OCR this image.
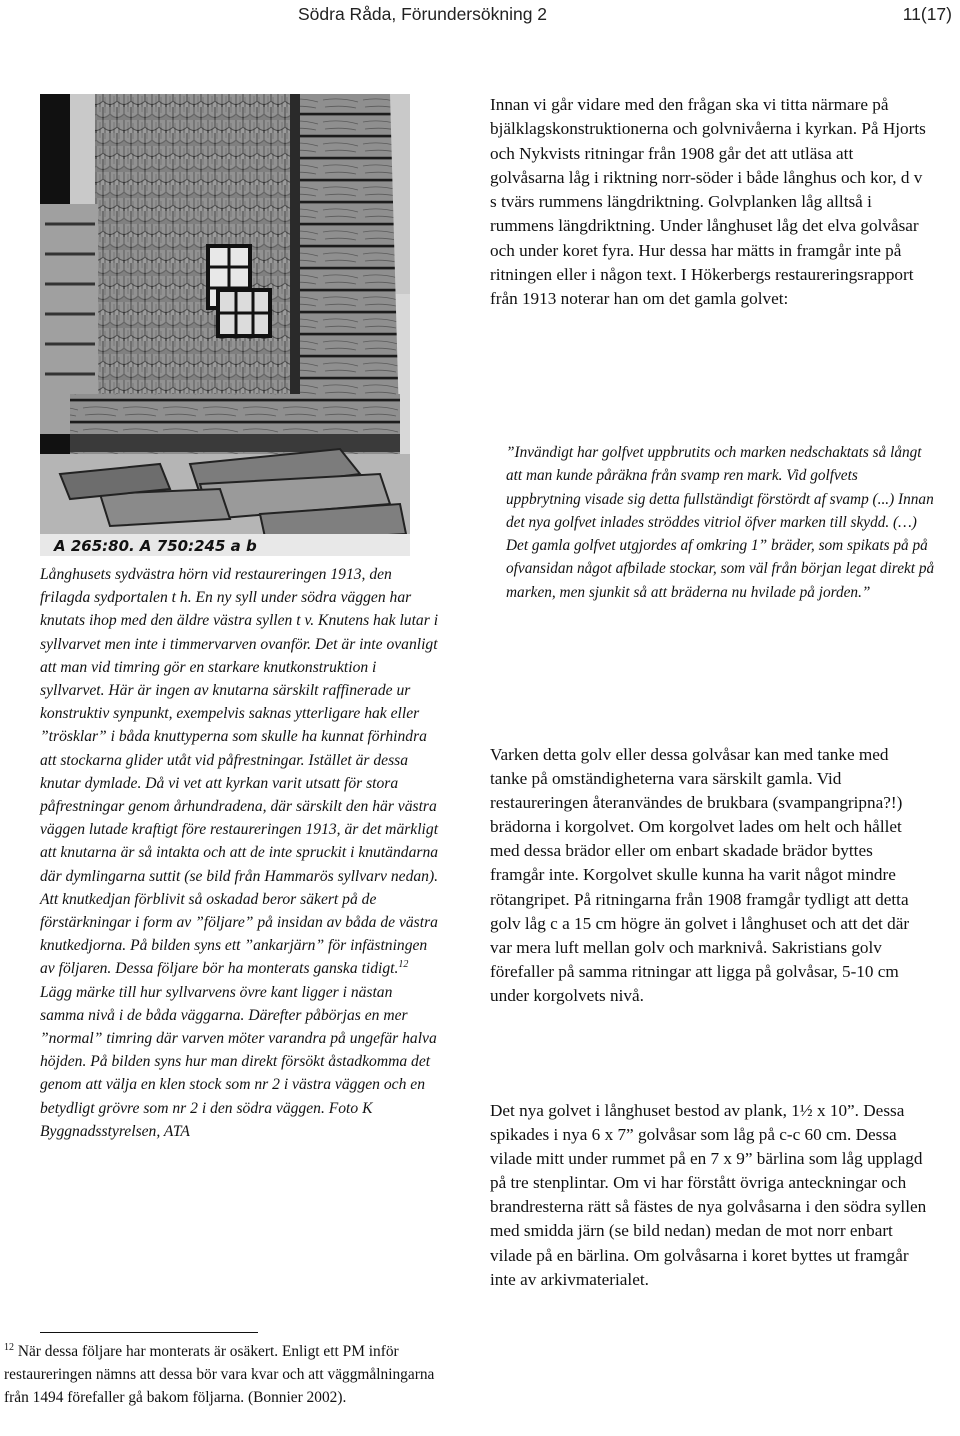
Södra Råda, Förundersökning 2	11(17)
A 265:80. A 750:245 a b

Långhusets sydvästra hörn vid restaureringen 1913, den frilagda sydportalen t h. En ny syll under södra väggen har knutats ihop med den äldre västra syllen t v. Knutens hak lutar i syllvarvet men inte i timmervarven ovanför. Det är inte ovanligt att man vid timring gör en starkare knutkonstruktion i syllvarvet. Här är ingen av knutarna särskilt raffinerade ur konstruktiv synpunkt, exempelvis saknas ytterligare hak eller ”trösklar” i båda knuttyperna som skulle ha kunnat förhindra att stockarna glider utåt vid påfrestningar. Istället är dessa knutar dymlade. Då vi vet att kyrkan varit utsatt för stora påfrestningar genom århundradena, där särskilt den här västra väggen lutade kraftigt före restaureringen 1913, är det märkligt att knutarna är så intakta och att de inte spruckit i knutändarna där dymlingarna suttit (se bild från Hammarös syllvarv nedan). Att knutkedjan förblivit så oskadad beror säkert på de förstärkningar i form av ”följare” på insidan av båda de västra knutkedjorna. På bilden syns ett ”ankarjärn” för infästningen av följaren. Dessa följare bör ha monterats ganska tidigt.$^{12}$ Lägg märke till hur syllvarvens övre kant ligger i nästan samma nivå i de båda väggarna. Därefter påbörjas en mer ”normal” timring där varven möter varandra på ungefär halva höjden. På bilden syns hur man direkt försökt åstadkomma det genom att välja en klen stock som nr 2 i västra väggen och en betydligt grövre som nr 2 i den södra väggen. Foto K Byggnadsstyrelsen, ATA

$^{12}$ När dessa följare har monterats är osäkert. Enligt ett PM inför restaureringen nämns att dessa bör vara kvar och att väggmålningarna från 1494 förefaller gå bakom följarna. (Bonnier 2002).

Innan vi går vidare med den frågan ska vi titta närmare på bjälklagskonstruktionerna och golvnivåerna i kyrkan. På Hjorts och Nykvists ritningar från 1908 går det att utläsa att golvåsarna låg i riktning norr-söder i både långhus och kor, d v s tvärs rummens längdriktning. Golvplanken låg alltså i rummens längdriktning. Under långhuset låg det elva golvåsar och under koret fyra. Hur dessa har mätts in framgår inte på ritningen eller i någon text. I Hökerbergs restaureringsrapport från 1913 noterar han om det gamla golvet:

”Invändigt har golfvet uppbrutits och marken nedschaktats så långt att man kunde påräkna från svamp ren mark. Vid golfvets uppbrytning visade sig detta fullständigt förstördt af svamp (...) Innan det nya golfvet inlades ströddes vitriol öfver marken till skydd. (…) Det gamla golfvet utgjordes af omkring 1” bräder, som spikats på på ofvansidan något afbilade stockar, som väl från början legat direkt på marken, men sjunkit så att bräderna nu hvilade på jorden.”

Varken detta golv eller dessa golvåsar kan med tanke med tanke på omständigheterna vara särskilt gamla. Vid restaureringen återanvändes de brukbara (svampangripna?!) brädorna i korgolvet. Om korgolvet lades om helt och hållet med dessa brädor eller om enbart skadade brädor byttes framgår inte. Korgolvet skulle kunna ha varit något mindre rötangripet. På ritningarna från 1908 framgår tydligt att detta golv låg c a 15 cm högre än golvet i långhuset och att det där var mera luft mellan golv och marknivå. Sakristians golv förefaller på samma ritningar att ligga på golvåsar, 5-10 cm under korgolvets nivå.

Det nya golvet i långhuset bestod av plank, 1½ x 10”. Dessa spikades i nya 6 x 7” golvåsar som låg på c-c 60 cm. Dessa vilade mitt under rummet på en 7 x 9” bärlina som låg upplagd på tre stenplintar. Om vi har förstått övriga anteckningar och brandresterna rätt så fästes de nya golvåsarna i den södra syllen med smidda järn (se bild nedan) medan de mot norr enbart vilade på en bärlina. Om golvåsarna i koret byttes ut framgår inte av arkivmaterialet.
